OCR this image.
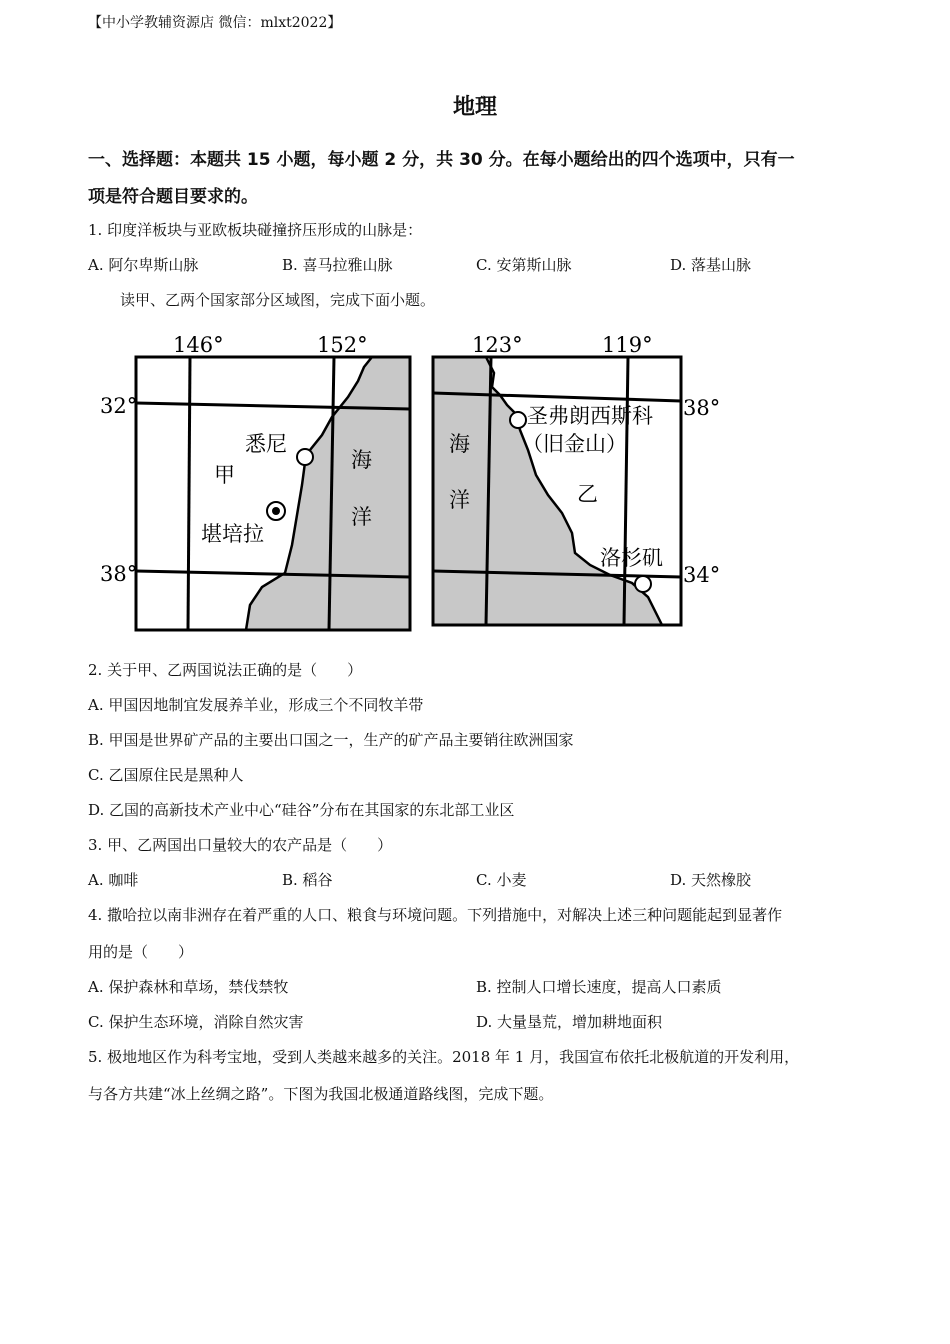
【中小学教辅资源店 微信：mlxt2022】
地理
一、选择题：本题共 15 小题，每小题 2 分，共 30 分。在每小题给出的四个选项中，只有一
项是符合题目要求的。
1. 印度洋板块与亚欧板块碰撞挤压形成的山脉是：
A. 阿尔卑斯山脉	B. 喜马拉雅山脉	C. 安第斯山脉	D. 落基山脉
读甲、乙两个国家部分区域图，完成下面小题。
146°	152°
32°
38°
悉尼
甲
堪培拉
海
洋
123°	119°
38°
34°
圣弗朗西斯科
（旧金山）
洛杉矶
乙
海
洋
2. 关于甲、乙两国说法正确的是（　　）
A. 甲国因地制宜发展养羊业，形成三个不同牧羊带
B. 甲国是世界矿产品的主要出口国之一，生产的矿产品主要销往欧洲国家
C. 乙国原住民是黑种人
D. 乙国的高新技术产业中心“硅谷”分布在其国家的东北部工业区
3. 甲、乙两国出口量较大的农产品是（　　）
A. 咖啡	B. 稻谷	C. 小麦	D. 天然橡胶
4. 撒哈拉以南非洲存在着严重的人口、粮食与环境问题。下列措施中，对解决上述三种问题能起到显著作
用的是（　　）
A. 保护森林和草场，禁伐禁牧	B. 控制人口增长速度，提高人口素质
C. 保护生态环境，消除自然灾害	D. 大量垦荒，增加耕地面积
5. 极地地区作为科考宝地，受到人类越来越多的关注。2018 年 1 月，我国宣布依托北极航道的开发利用，
与各方共建“冰上丝绸之路”。下图为我国北极通道路线图，完成下题。
